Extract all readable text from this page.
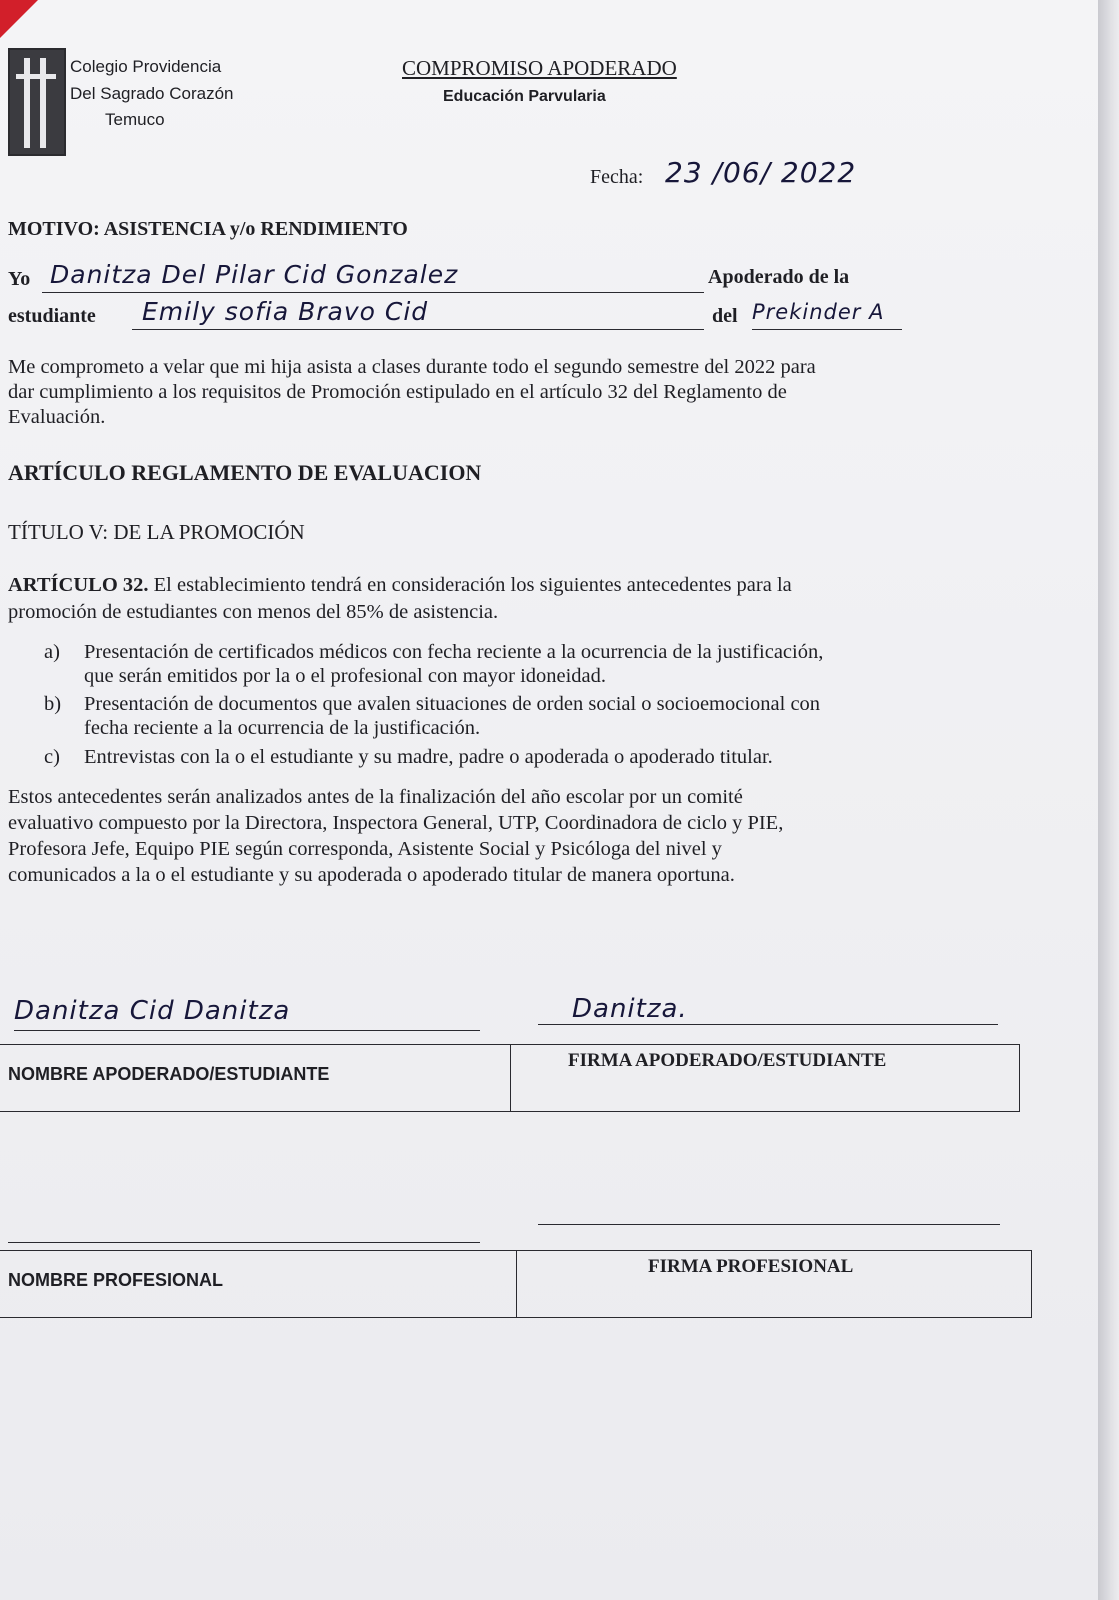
Colegio Providencia
Del Sagrado Corazón
Temuco
COMPROMISO APODERADO
Educación Parvularia
Fecha: 23 /06/ 2022
MOTIVO: ASISTENCIA y/o RENDIMIENTO
Yo Danitza Del Pilar Cid Gonzalez	Apoderado de la
estudiante Emily sofia Bravo Cid	del Prekinder A
Me comprometo a velar que mi hija asista a clases durante todo el segundo semestre del 2022 para
dar cumplimiento a los requisitos de Promoción estipulado en el artículo 32 del Reglamento de
Evaluación.
ARTÍCULO REGLAMENTO DE EVALUACION
TÍTULO V: DE LA PROMOCIÓN
ARTÍCULO 32. El establecimiento tendrá en consideración los siguientes antecedentes para la
promoción de estudiantes con menos del 85% de asistencia.
a) Presentación de certificados médicos con fecha reciente a la ocurrencia de la justificación,
que serán emitidos por la o el profesional con mayor idoneidad.
b) Presentación de documentos que avalen situaciones de orden social o socioemocional con
fecha reciente a la ocurrencia de la justificación.
c) Entrevistas con la o el estudiante y su madre, padre o apoderada o apoderado titular.
Estos antecedentes serán analizados antes de la finalización del año escolar por un comité
evaluativo compuesto por la Directora, Inspectora General, UTP, Coordinadora de ciclo y PIE,
Profesora Jefe, Equipo PIE según corresponda, Asistente Social y Psicóloga del nivel y
comunicados a la o el estudiante y su apoderada o apoderado titular de manera oportuna.
Danitza Cid Danitza	Danitza.
NOMBRE APODERADO/ESTUDIANTE
FIRMA APODERADO/ESTUDIANTE
NOMBRE PROFESIONAL
FIRMA PROFESIONAL
